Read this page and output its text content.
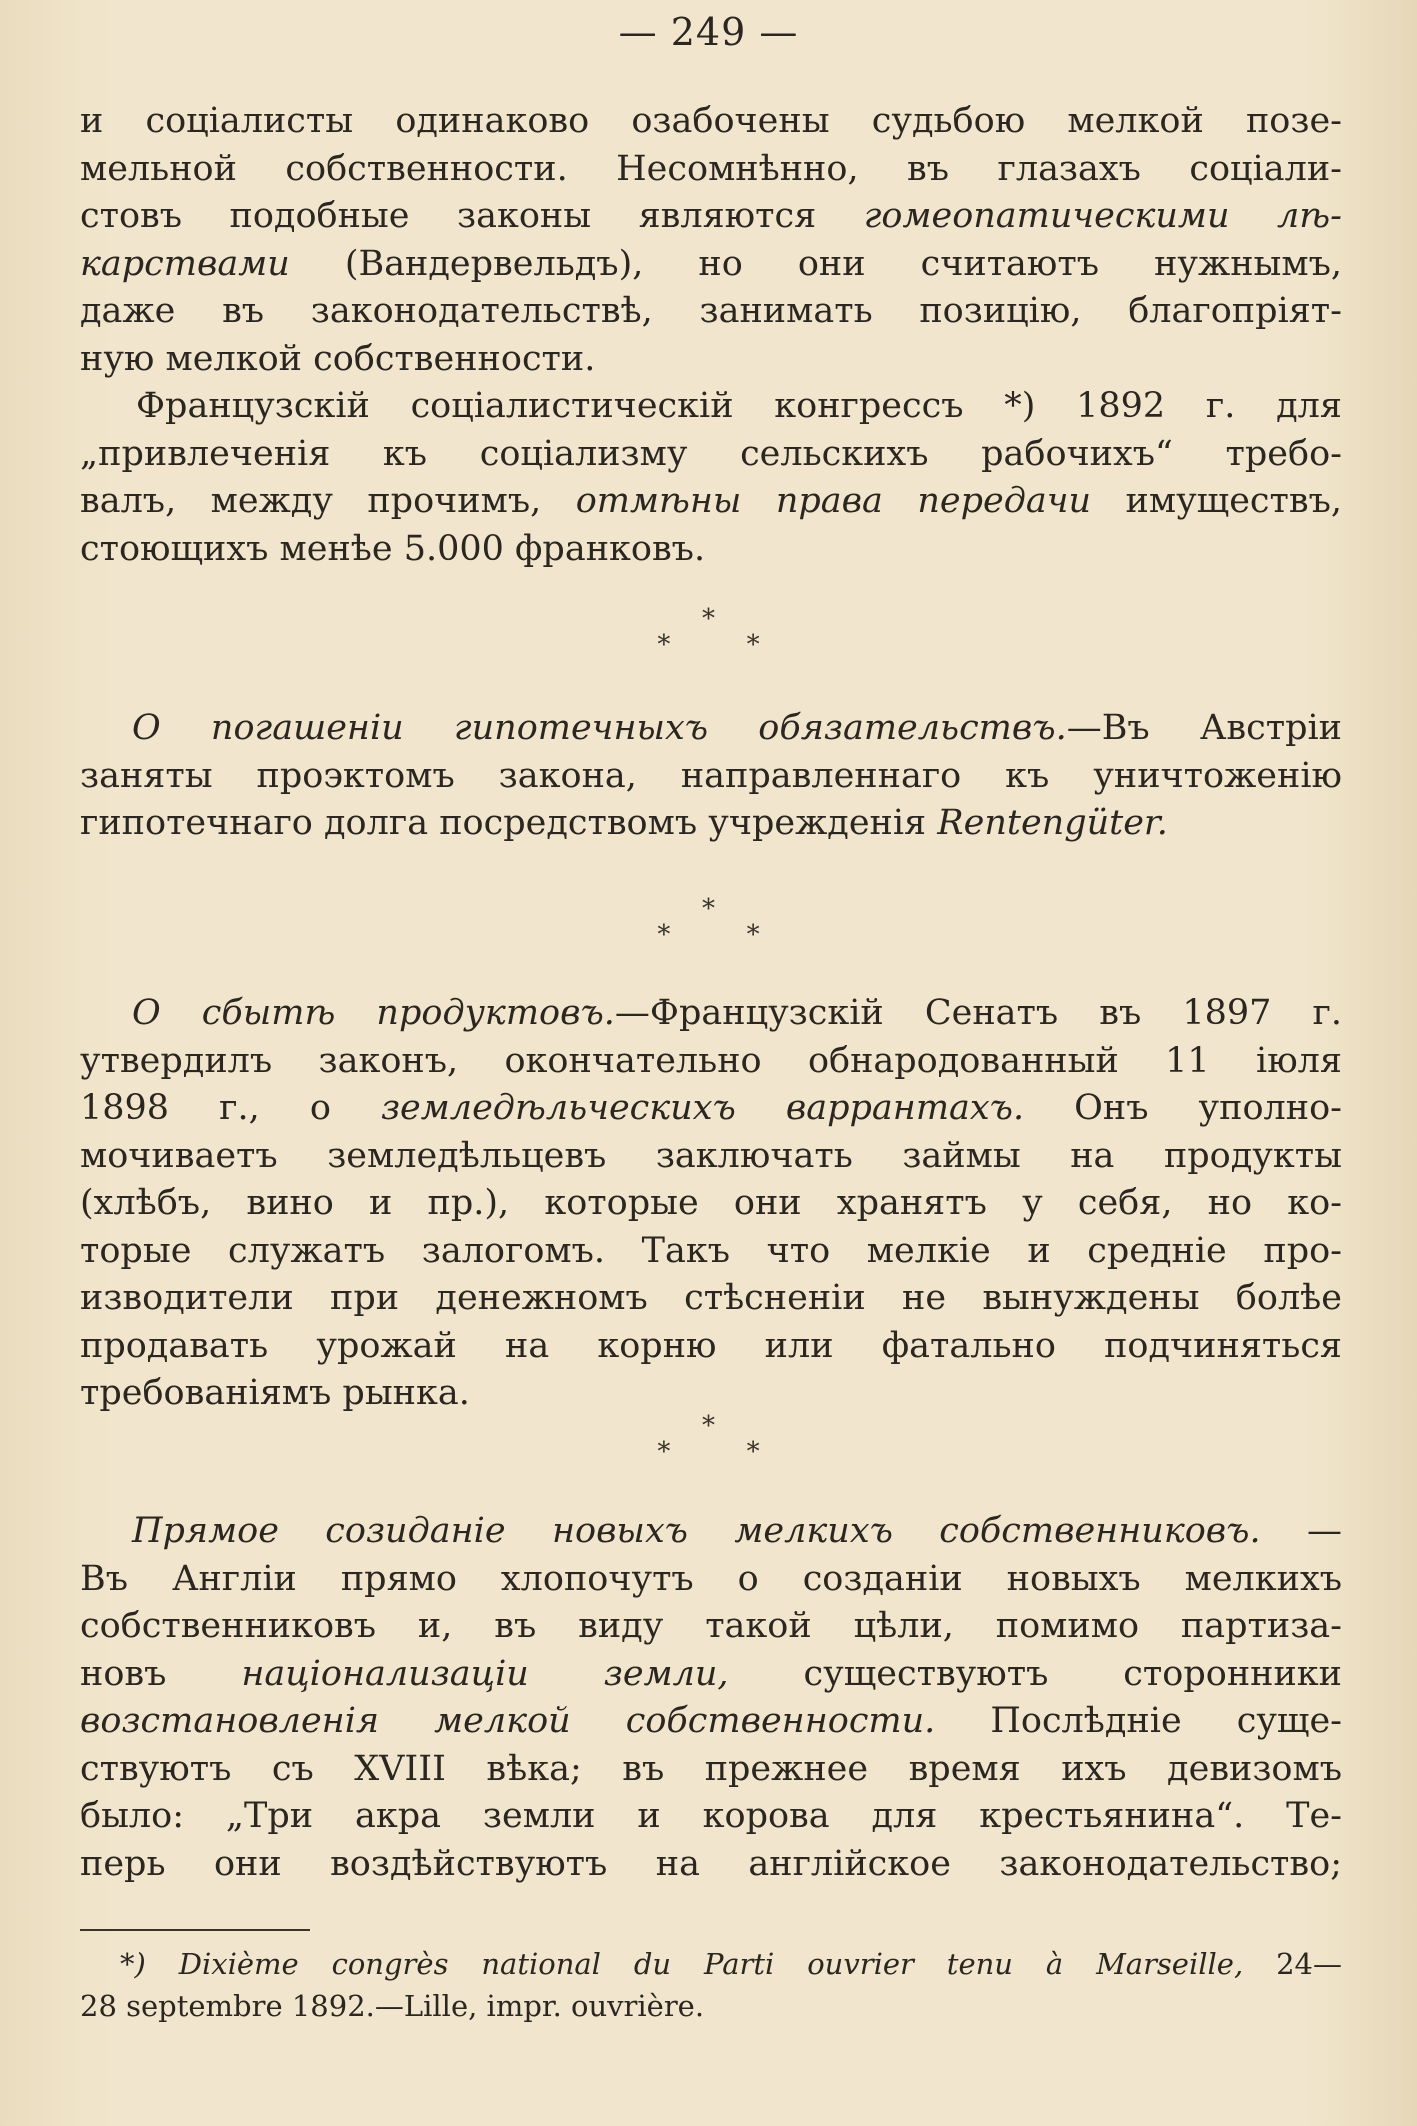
— 249 —
и соціалисты одинаково озабочены судьбою мелкой позе-
мельной собственности. Несомнѣнно, въ глазахъ соціали-
стовъ подобные законы являются гомеопатическими лѣ-
карствами (Вандервельдъ), но они считаютъ нужнымъ,
даже въ законодательствѣ, занимать позицію, благопріят-
ную мелкой собственности.
Французскій соціалистическій конгрессъ *) 1892 г. для
„привлеченія къ соціализму сельскихъ рабочихъ“ требо-
валъ, между прочимъ, отмѣны права передачи имуществъ,
стоющихъ менѣе 5.000 франковъ.
*
* *
О погашеніи гипотечныхъ обязательствъ.—Въ Австріи
заняты проэктомъ закона, направленнаго къ уничтоженію
гипотечнаго долга посредствомъ учрежденія Rentengüter.
*
* *
О сбытѣ продуктовъ.—Французскій Сенатъ въ 1897 г.
утвердилъ законъ, окончательно обнародованный 11 іюля
1898 г., о земледѣльческихъ варрантахъ. Онъ уполно-
мочиваетъ земледѣльцевъ заключать займы на продукты
(хлѣбъ, вино и пр.), которые они хранятъ у себя, но ко-
торые служатъ залогомъ. Такъ что мелкіе и средніе про-
изводители при денежномъ стѣсненіи не вынуждены болѣе
продавать урожай на корню или фатально подчиняться
требованіямъ рынка.
*
* *
Прямое созиданіе новыхъ мелкихъ собственниковъ. —
Въ Англіи прямо хлопочутъ о созданіи новыхъ мелкихъ
собственниковъ и, въ виду такой цѣли, помимо партиза-
новъ націонализаціи земли, существуютъ сторонники
возстановленія мелкой собственности. Послѣдніе суще-
ствуютъ съ XVIII вѣка; въ прежнее время ихъ девизомъ
было: „Три акра земли и корова для крестьянина“. Те-
перь они воздѣйствуютъ на англійское законодательство;
*) Dixième congrès national du Parti ouvrier tenu à Marseille, 24—
28 septembre 1892.—Lille, impr. ouvrière.
